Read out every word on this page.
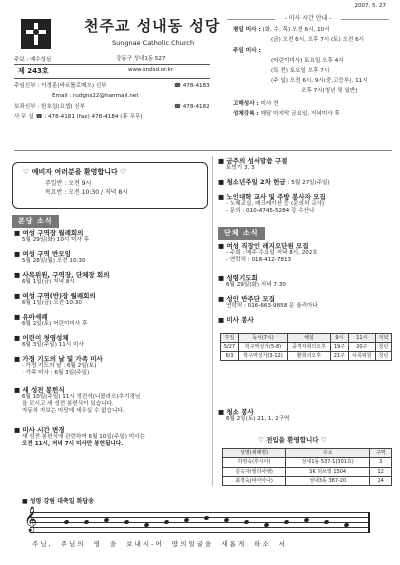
2007. 5. 27
천주교 성내동 성당
Sungnae Catholic Church
주보 : 예수성심	강동구 성내1동 527
제 243호	www.sndsd.or.kr
주임신부 : 이경훈(바르톨로메오) 신부	☎ 478-4183
Email : rudgns22@hanmail.net
보좌신부 : 한호섭(요셉) 신부	☎ 478-4182
사 무 실 ☎ : 478-4181 (fax) 478-4184 (휴 무무)
- 미사 시간 안내 -
평일 미사 : (화, 수, 목) 오전 6시, 10시
(금) 오전 6시, 오후 7시 (토) 오전 6시
주일 미사 :
(어린이미사) 토요일 오후 4시
(특 전) 토요일 오후 7시
(주 일) 오전 6시, 9시(중,고등부), 11시
오후 7시(청년 및 일반)
고해성사 : 미사 전
성체강복 : 매달 마지막 금요일, 저녁미사 후
♡ 예비자 여러분을 환영합니다 ♡
주일반 : 오전 9시
목요반 : 오전 10:30 / 저녁 8시
본당 소식
■ 여성 구역장 월례회의
5월 29일(화) 10시 미사 후
■ 여성 구역 반모임
5월 28일(월) 오전 10:30
■ 사목위원, 구역장, 단체장 회의
6월 1일(금) 저녁 8시
■ 여성 구역(반)장 월례회의
6월 1일(금) 오전 10:30
■ 유아세례
6월 2일(토) 어린이미사 후
■ 어린이 첫영성체
6월 3일(주일) 11시 미사
■ 가정 기도의 날 및 가족 미사
· 가정 기도의 날 : 6월 2일(토)
· 가족 미사 : 6월 3일(주일)
■ 새 성전 봉헌식
6월 10일(주일) 11시 정진석(니콜라오)추기경님
을 모시고 새 성전 봉헌식이 있습니다.
자동차 자보는 마당에 세우실 수 없습니다.
■ 미사 시간 변경
새 성전 봉헌식에 관련하여 6월 10일(주일) 미사는
오전 11시, 저녁 7시 미사만 봉헌됩니다.
■ 금주의 성서말씀 구절
토빗기 3, 3
■ 청소년주일 2차 헌금 : 5월 27일(주일)
■ 노인대학 교사 및 주방 봉사자 모집
- 노래교실, 레크레이션 등 (문의처 교사)
- 문의 : 010-4745-5284 강 수산나
단체 소식
■ 여성 직장인 레지오단원 모집
- 주회 : 매주 수요일 저녁 8시, 202호
- 연락처 : 018-412-7813
■ 성령기도회
6월 29일(화) 저녁 7:30
■ 성인 반주단 모집
연락처 : 016-663-9858 문 율리아나
■ 미사 봉사
주일	독서(7시)	해설	9시	11시	저녁
5/27	학구역성가(5-8)	중격자취의오후	19구	20구	청년
6/3	학구역성가(3-12)	환희의오후	21구	사목위원	청년
■ 청소 봉사
6월 2일(토) 21, 1, 2구역
♡ 전입을 환영합니다 ♡
성명(세례명)	주소	구역
하영숙(루시아)	성내1동 537-1(301호)	3
김옥자(엘리사벳)	SK 허브빌 1504	12
최경숙(비아아나)	성내3동 387-20	14
■ 성령 강림 대축일 화답송
𝄞
주님, 주님의 영 을 보내시-어 땅의얼굴을 새롭게 하소 서
